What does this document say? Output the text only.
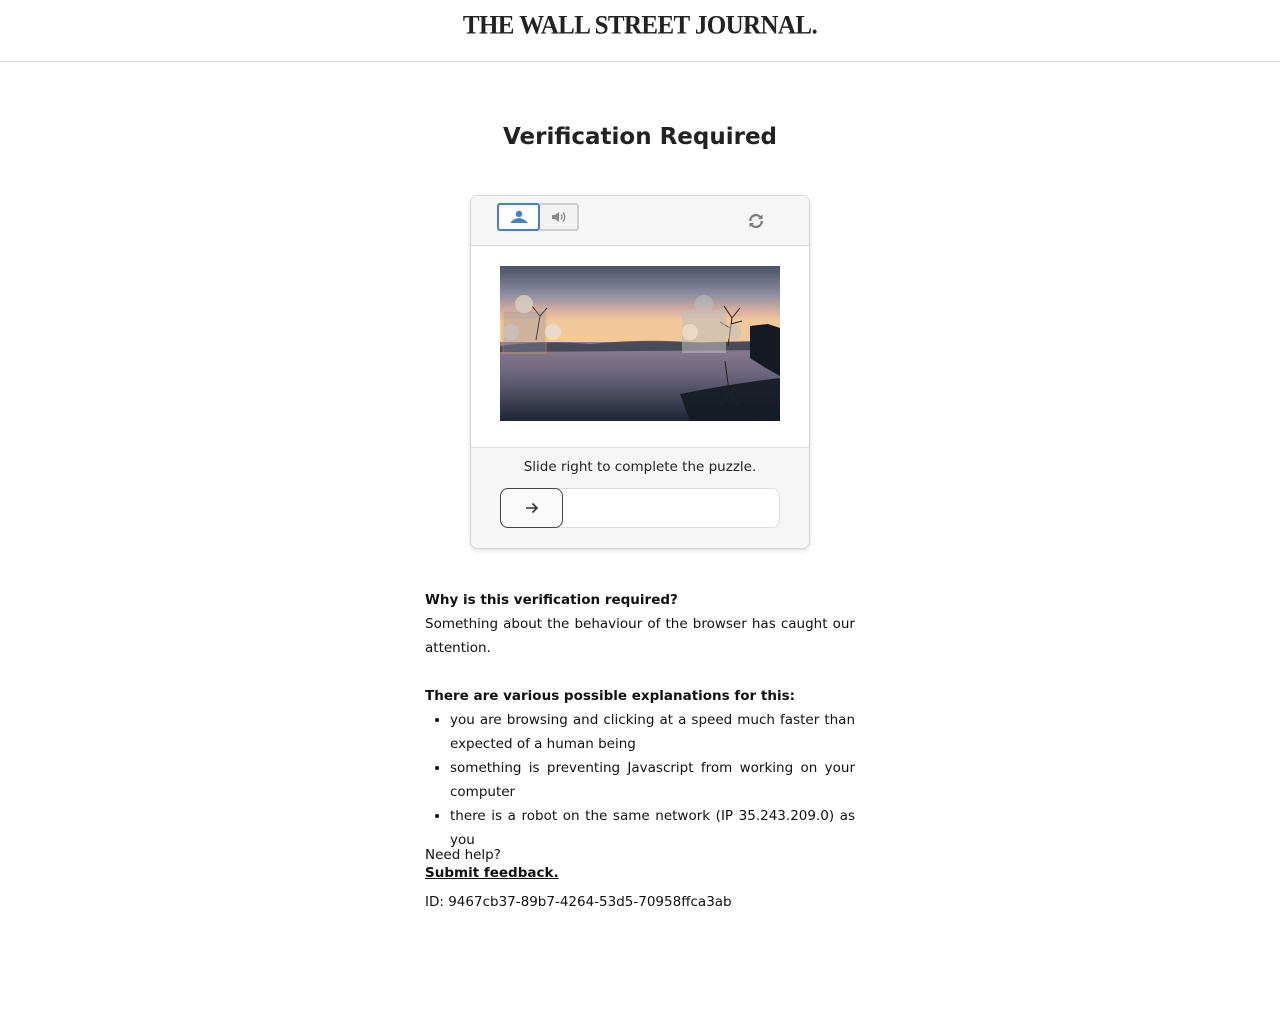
THE WALL STREET JOURNAL.
Verification Required
Slide right to complete the puzzle.

Why is this verification required?

Something about the behaviour of the browser has caught our attention.

There are various possible explanations for this:

• you are browsing and clicking at a speed much faster than expected of a human being
• something is preventing Javascript from working on your computer
• there is a robot on the same network (IP 35.243.209.0) as you
Need help?
Submit feedback.
ID: 9467cb37-89b7-4264-53d5-70958ffca3ab
